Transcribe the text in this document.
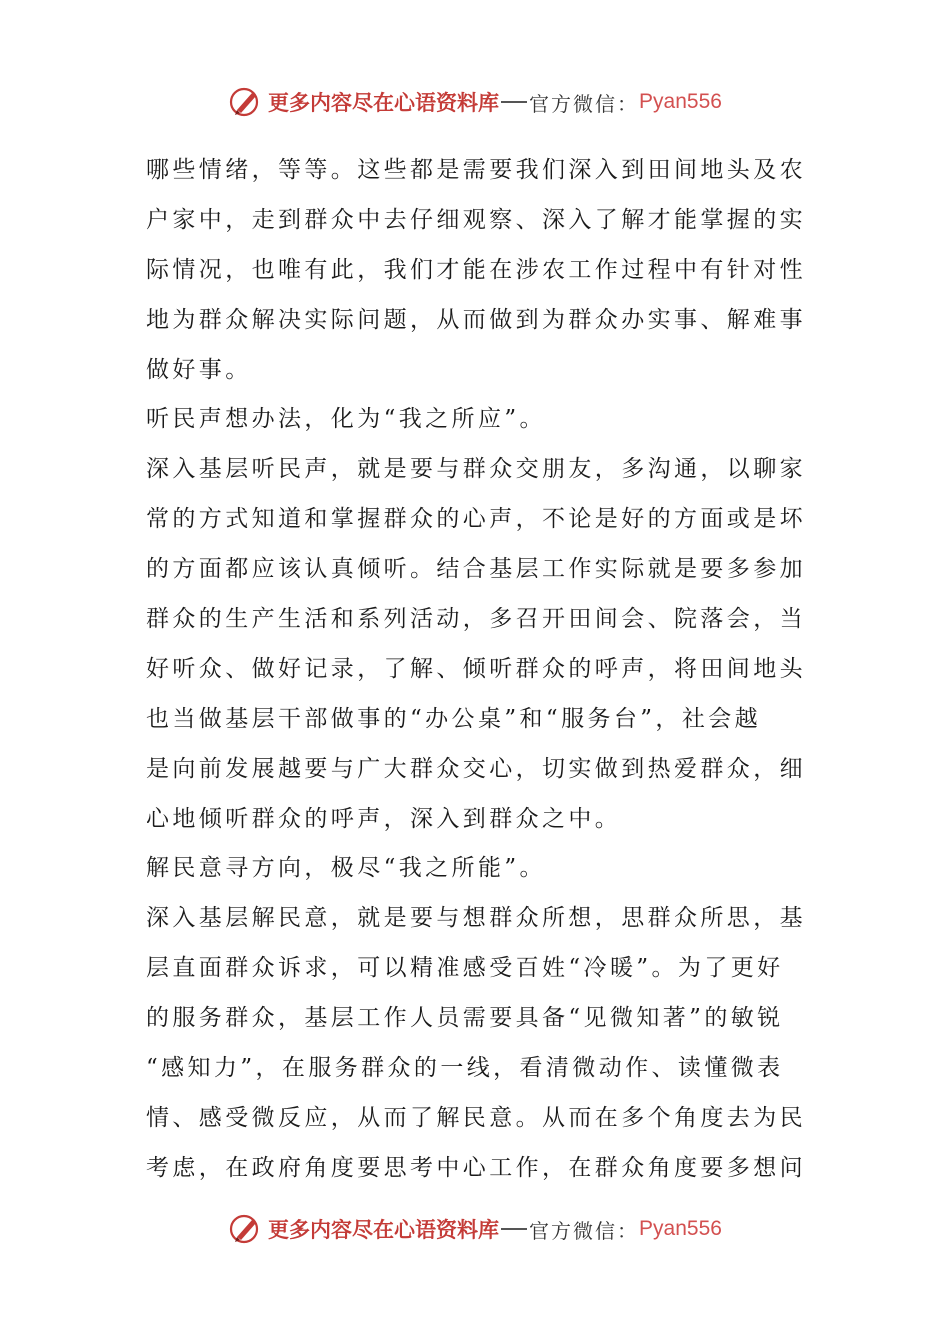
更多内容尽在心语资料库 官方微信： Pyan556
哪些情绪，等等。这些都是需要我们深入到田间地头及农
户家中，走到群众中去仔细观察、深入了解才能掌握的实
际情况，也唯有此，我们才能在涉农工作过程中有针对性
地为群众解决实际问题，从而做到为群众办实事、解难事
做好事。
听民声想办法，化为“我之所应”。
深入基层听民声，就是要与群众交朋友，多沟通，以聊家
常的方式知道和掌握群众的心声，不论是好的方面或是坏
的方面都应该认真倾听。结合基层工作实际就是要多参加
群众的生产生活和系列活动，多召开田间会、院落会，当
好听众、做好记录，了解、倾听群众的呼声，将田间地头
也当做基层干部做事的“办公桌”和“服务台”，社会越
是向前发展越要与广大群众交心，切实做到热爱群众，细
心地倾听群众的呼声，深入到群众之中。
解民意寻方向，极尽“我之所能”。
深入基层解民意，就是要与想群众所想，思群众所思，基
层直面群众诉求，可以精准感受百姓“冷暖”。为了更好
的服务群众，基层工作人员需要具备“见微知著”的敏锐
“感知力”，在服务群众的一线，看清微动作、读懂微表
情、感受微反应，从而了解民意。从而在多个角度去为民
考虑，在政府角度要思考中心工作，在群众角度要多想问
更多内容尽在心语资料库 官方微信： Pyan556
